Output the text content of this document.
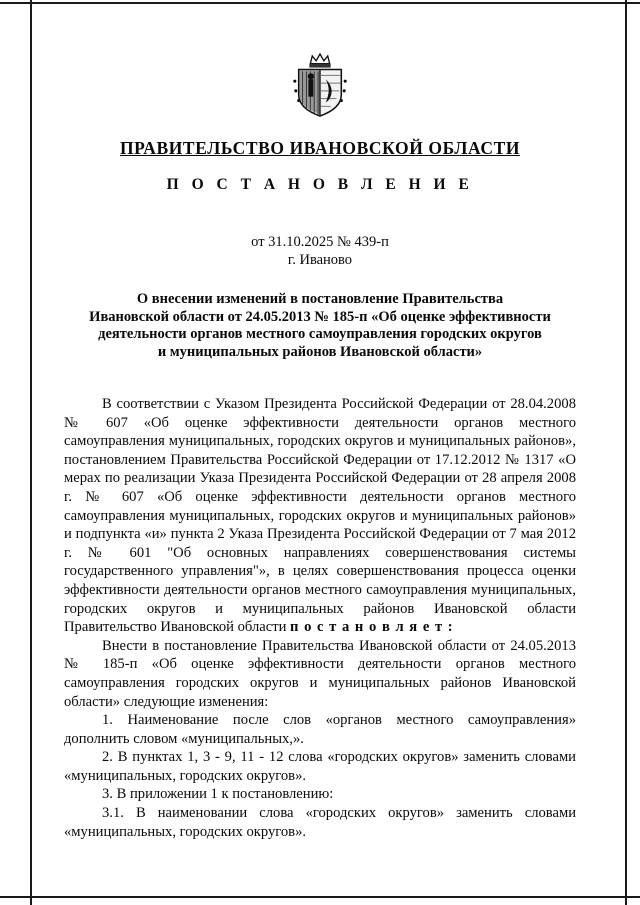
ПРАВИТЕЛЬСТВО ИВАНОВСКОЙ ОБЛАСТИ
П О С Т А Н О В Л Е Н И Е
от 31.10.2025 № 439-п
г. Иваново
О внесении изменений в постановление Правительства
Ивановской области от 24.05.2013 № 185-п «Об оценке эффективности
деятельности органов местного самоуправления городских округов
и муниципальных районов Ивановской области»

В соответствии с Указом Президента Российской Федерации от 28.04.2008 № 607 «Об оценке эффективности деятельности органов местного самоуправления муниципальных, городских округов и муниципальных районов», постановлением Правительства Российской Федерации от 17.12.2012 № 1317 «О мерах по реализации Указа Президента Российской Федерации от 28 апреля 2008 г. № 607 «Об оценке эффективности деятельности органов местного самоуправления муниципальных, городских округов и муниципальных районов» и подпункта «и» пункта 2 Указа Президента Российской Федерации от 7 мая 2012 г. № 601 "Об основных направлениях совершенствования системы государственного управления"», в целях совершенствования процесса оценки эффективности деятельности органов местного самоуправления муниципальных, городских округов и муниципальных районов Ивановской области Правительство Ивановской области п о с т а н о в л я е т :

Внести в постановление Правительства Ивановской области от 24.05.2013 № 185-п «Об оценке эффективности деятельности органов местного самоуправления городских округов и муниципальных районов Ивановской области» следующие изменения:

1. Наименование после слов «органов местного самоуправления» дополнить словом «муниципальных,».

2. В пунктах 1, 3 - 9, 11 - 12 слова «городских округов» заменить словами «муниципальных, городских округов».

3. В приложении 1 к постановлению:

3.1. В наименовании слова «городских округов» заменить словами «муниципальных, городских округов».
